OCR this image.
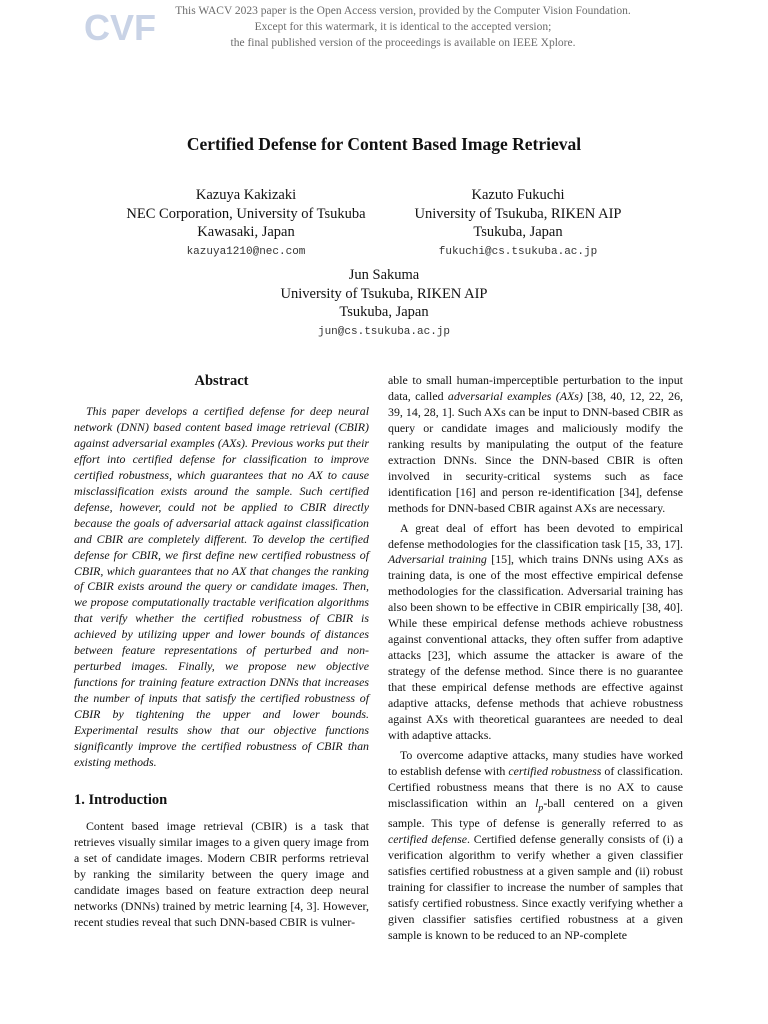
CVF	This WACV 2023 paper is the Open Access version, provided by the Computer Vision Foundation.
Except for this watermark, it is identical to the accepted version;
the final published version of the proceedings is available on IEEE Xplore.
Certified Defense for Content Based Image Retrieval
Kazuya Kakizaki
NEC Corporation, University of Tsukuba
Kawasaki, Japan
kazuya1210@nec.com
Kazuto Fukuchi
University of Tsukuba, RIKEN AIP
Tsukuba, Japan
fukuchi@cs.tsukuba.ac.jp
Jun Sakuma
University of Tsukuba, RIKEN AIP
Tsukuba, Japan
jun@cs.tsukuba.ac.jp
Abstract

This paper develops a certified defense for deep neural network (DNN) based content based image retrieval (CBIR) against adversarial examples (AXs). Previous works put their effort into certified defense for classification to improve certified robustness, which guarantees that no AX to cause misclassification exists around the sample. Such certified defense, however, could not be applied to CBIR directly because the goals of adversarial attack against classification and CBIR are completely different. To develop the certified defense for CBIR, we first define new certified robustness of CBIR, which guarantees that no AX that changes the ranking of CBIR exists around the query or candidate images. Then, we propose computationally tractable verification algorithms that verify whether the certified robustness of CBIR is achieved by utilizing upper and lower bounds of distances between feature representations of perturbed and non-perturbed images. Finally, we propose new objective functions for training feature extraction DNNs that increases the number of inputs that satisfy the certified robustness of CBIR by tightening the upper and lower bounds. Experimental results show that our objective functions significantly improve the certified robustness of CBIR than existing methods.

1. Introduction

Content based image retrieval (CBIR) is a task that retrieves visually similar images to a given query image from a set of candidate images. Modern CBIR performs retrieval by ranking the similarity between the query image and candidate images based on feature extraction deep neural networks (DNNs) trained by metric learning [4, 3]. However, recent studies reveal that such DNN-based CBIR is vulner-

able to small human-imperceptible perturbation to the input data, called adversarial examples (AXs) [38, 40, 12, 22, 26, 39, 14, 28, 1]. Such AXs can be input to DNN-based CBIR as query or candidate images and maliciously modify the ranking results by manipulating the output of the feature extraction DNNs. Since the DNN-based CBIR is often involved in security-critical systems such as face identification [16] and person re-identification [34], defense methods for DNN-based CBIR against AXs are necessary.

A great deal of effort has been devoted to empirical defense methodologies for the classification task [15, 33, 17]. Adversarial training [15], which trains DNNs using AXs as training data, is one of the most effective empirical defense methodologies for the classification. Adversarial training has also been shown to be effective in CBIR empirically [38, 40]. While these empirical defense methods achieve robustness against conventional attacks, they often suffer from adaptive attacks [23], which assume the attacker is aware of the strategy of the defense method. Since there is no guarantee that these empirical defense methods are effective against adaptive attacks, defense methods that achieve robustness against AXs with theoretical guarantees are needed to deal with adaptive attacks.

To overcome adaptive attacks, many studies have worked to establish defense with certified robustness of classification. Certified robustness means that there is no AX to cause misclassification within an $l_p$-ball centered on a given sample. This type of defense is generally referred to as certified defense. Certified defense generally consists of (i) a verification algorithm to verify whether a given classifier satisfies certified robustness at a given sample and (ii) robust training for classifier to increase the number of samples that satisfy certified robustness. Since exactly verifying whether a given classifier satisfies certified robustness at a given sample is known to be reduced to an NP-complete
